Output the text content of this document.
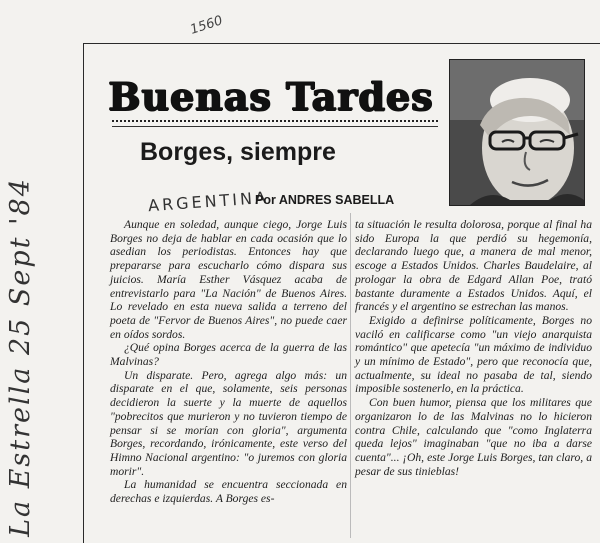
1560
La Estrella 25 Sept '84	ARGENTINA
Buenas Tardes
Borges, siempre
Por ANDRES SABELLA

Aunque en soledad, aunque ciego, Jorge Luis Borges no deja de hablar en cada ocasión que lo asedian los periodistas. Entonces hay que prepararse para escucharlo cómo dispara sus juicios. María Esther Vásquez acaba de entrevistarlo para "La Nación" de Buenos Aires. Lo revelado en esta nueva salida a terreno del poeta de "Fervor de Buenos Aires", no puede caer en oídos sordos.

¿Qué opina Borges acerca de la guerra de las Malvinas?

Un disparate. Pero, agrega algo más: un disparate en el que, solamente, seis personas decidieron la suerte y la muerte de aquellos "pobrecitos que murieron y no tuvieron tiempo de pensar si se morían con gloria", argumenta Borges, recordando, irónicamente, este verso del Himno Nacional argentino: "o juremos con gloria morir".

La humanidad se encuentra seccionada en derechas e izquierdas. A Borges es-

ta situación le resulta dolorosa, porque al final ha sido Europa la que perdió su hegemonía, declarando luego que, a manera de mal menor, escoge a Estados Unidos. Charles Baudelaire, al prologar la obra de Edgard Allan Poe, trató bastante duramente a Estados Unidos. Aquí, el francés y el argentino se estrechan las manos.

Exigido a definirse políticamente, Borges no vaciló en calificarse como "un viejo anarquista romántico" que apetecía "un máximo de individuo y un mínimo de Estado", pero que reconocía que, actualmente, su ideal no pasaba de tal, siendo imposible sostenerlo, en la práctica.

Con buen humor, piensa que los militares que organizaron lo de las Malvinas no lo hicieron contra Chile, calculando que "como Inglaterra queda lejos" imaginaban "que no iba a darse cuenta"... ¡Oh, este Jorge Luis Borges, tan claro, a pesar de sus tinieblas!
